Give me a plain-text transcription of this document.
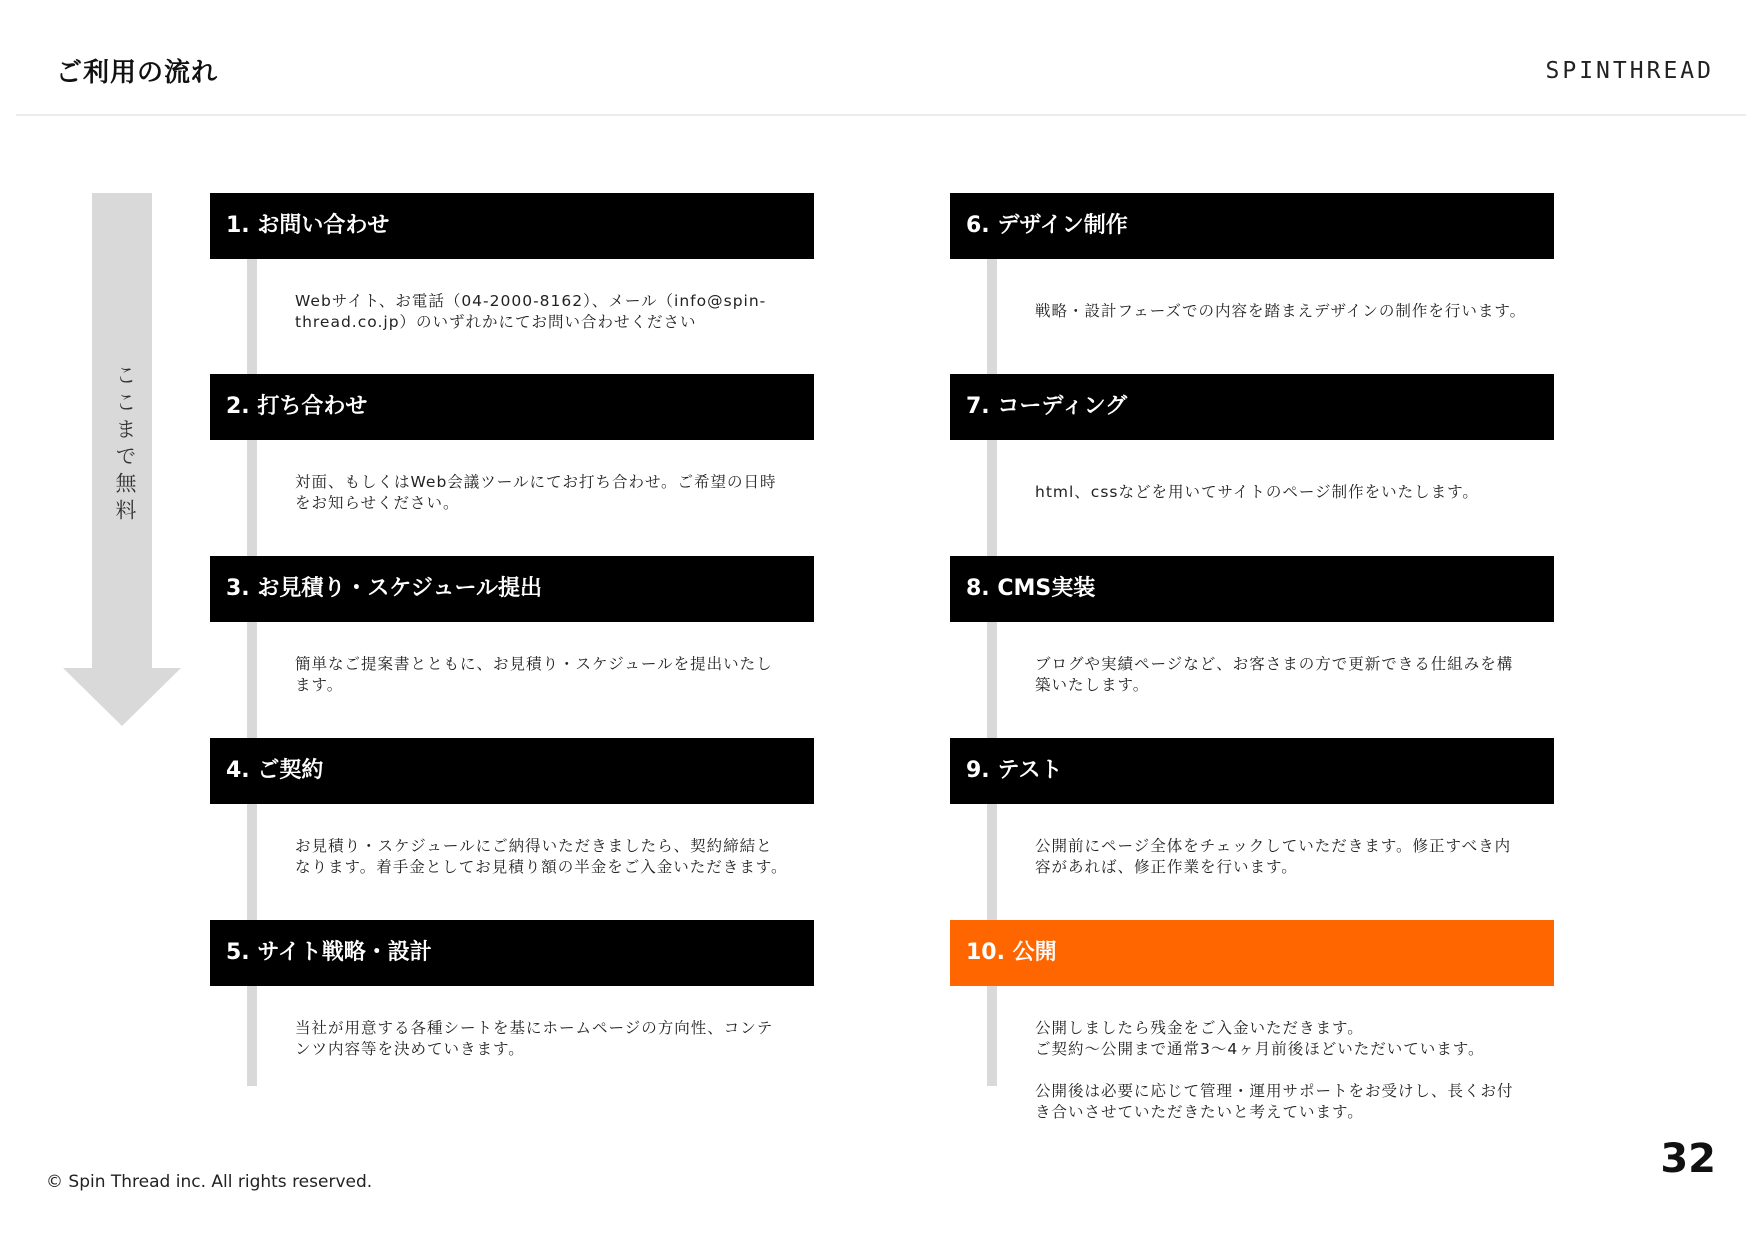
ご利用の流れ	SPINTHREAD
ここまで無料
1. お問い合わせ
Webサイト、お電話（04-2000-8162）、メール（info@spin-
thread.co.jp）のいずれかにてお問い合わせください
2. 打ち合わせ
対面、もしくはWeb会議ツールにてお打ち合わせ。ご希望の日時
をお知らせください。
3. お見積り・スケジュール提出
簡単なご提案書とともに、お見積り・スケジュールを提出いたし
ます。
4. ご契約
お見積り・スケジュールにご納得いただきましたら、契約締結と
なります。着手金としてお見積り額の半金をご入金いただきます。
5. サイト戦略・設計
当社が用意する各種シートを基にホームページの方向性、コンテ
ンツ内容等を決めていきます。
6. デザイン制作
戦略・設計フェーズでの内容を踏まえデザインの制作を行います。
7. コーディング
html、cssなどを用いてサイトのページ制作をいたします。
8. CMS実装
ブログや実績ページなど、お客さまの方で更新できる仕組みを構
築いたします。
9. テスト
公開前にページ全体をチェックしていただきます。修正すべき内
容があれば、修正作業を行います。
10. 公開
公開しましたら残金をご入金いただきます。
ご契約～公開まで通常3～4ヶ月前後ほどいただいています。

公開後は必要に応じて管理・運用サポートをお受けし、長くお付
き合いさせていただきたいと考えています。
© Spin Thread inc. All rights reserved.	32
